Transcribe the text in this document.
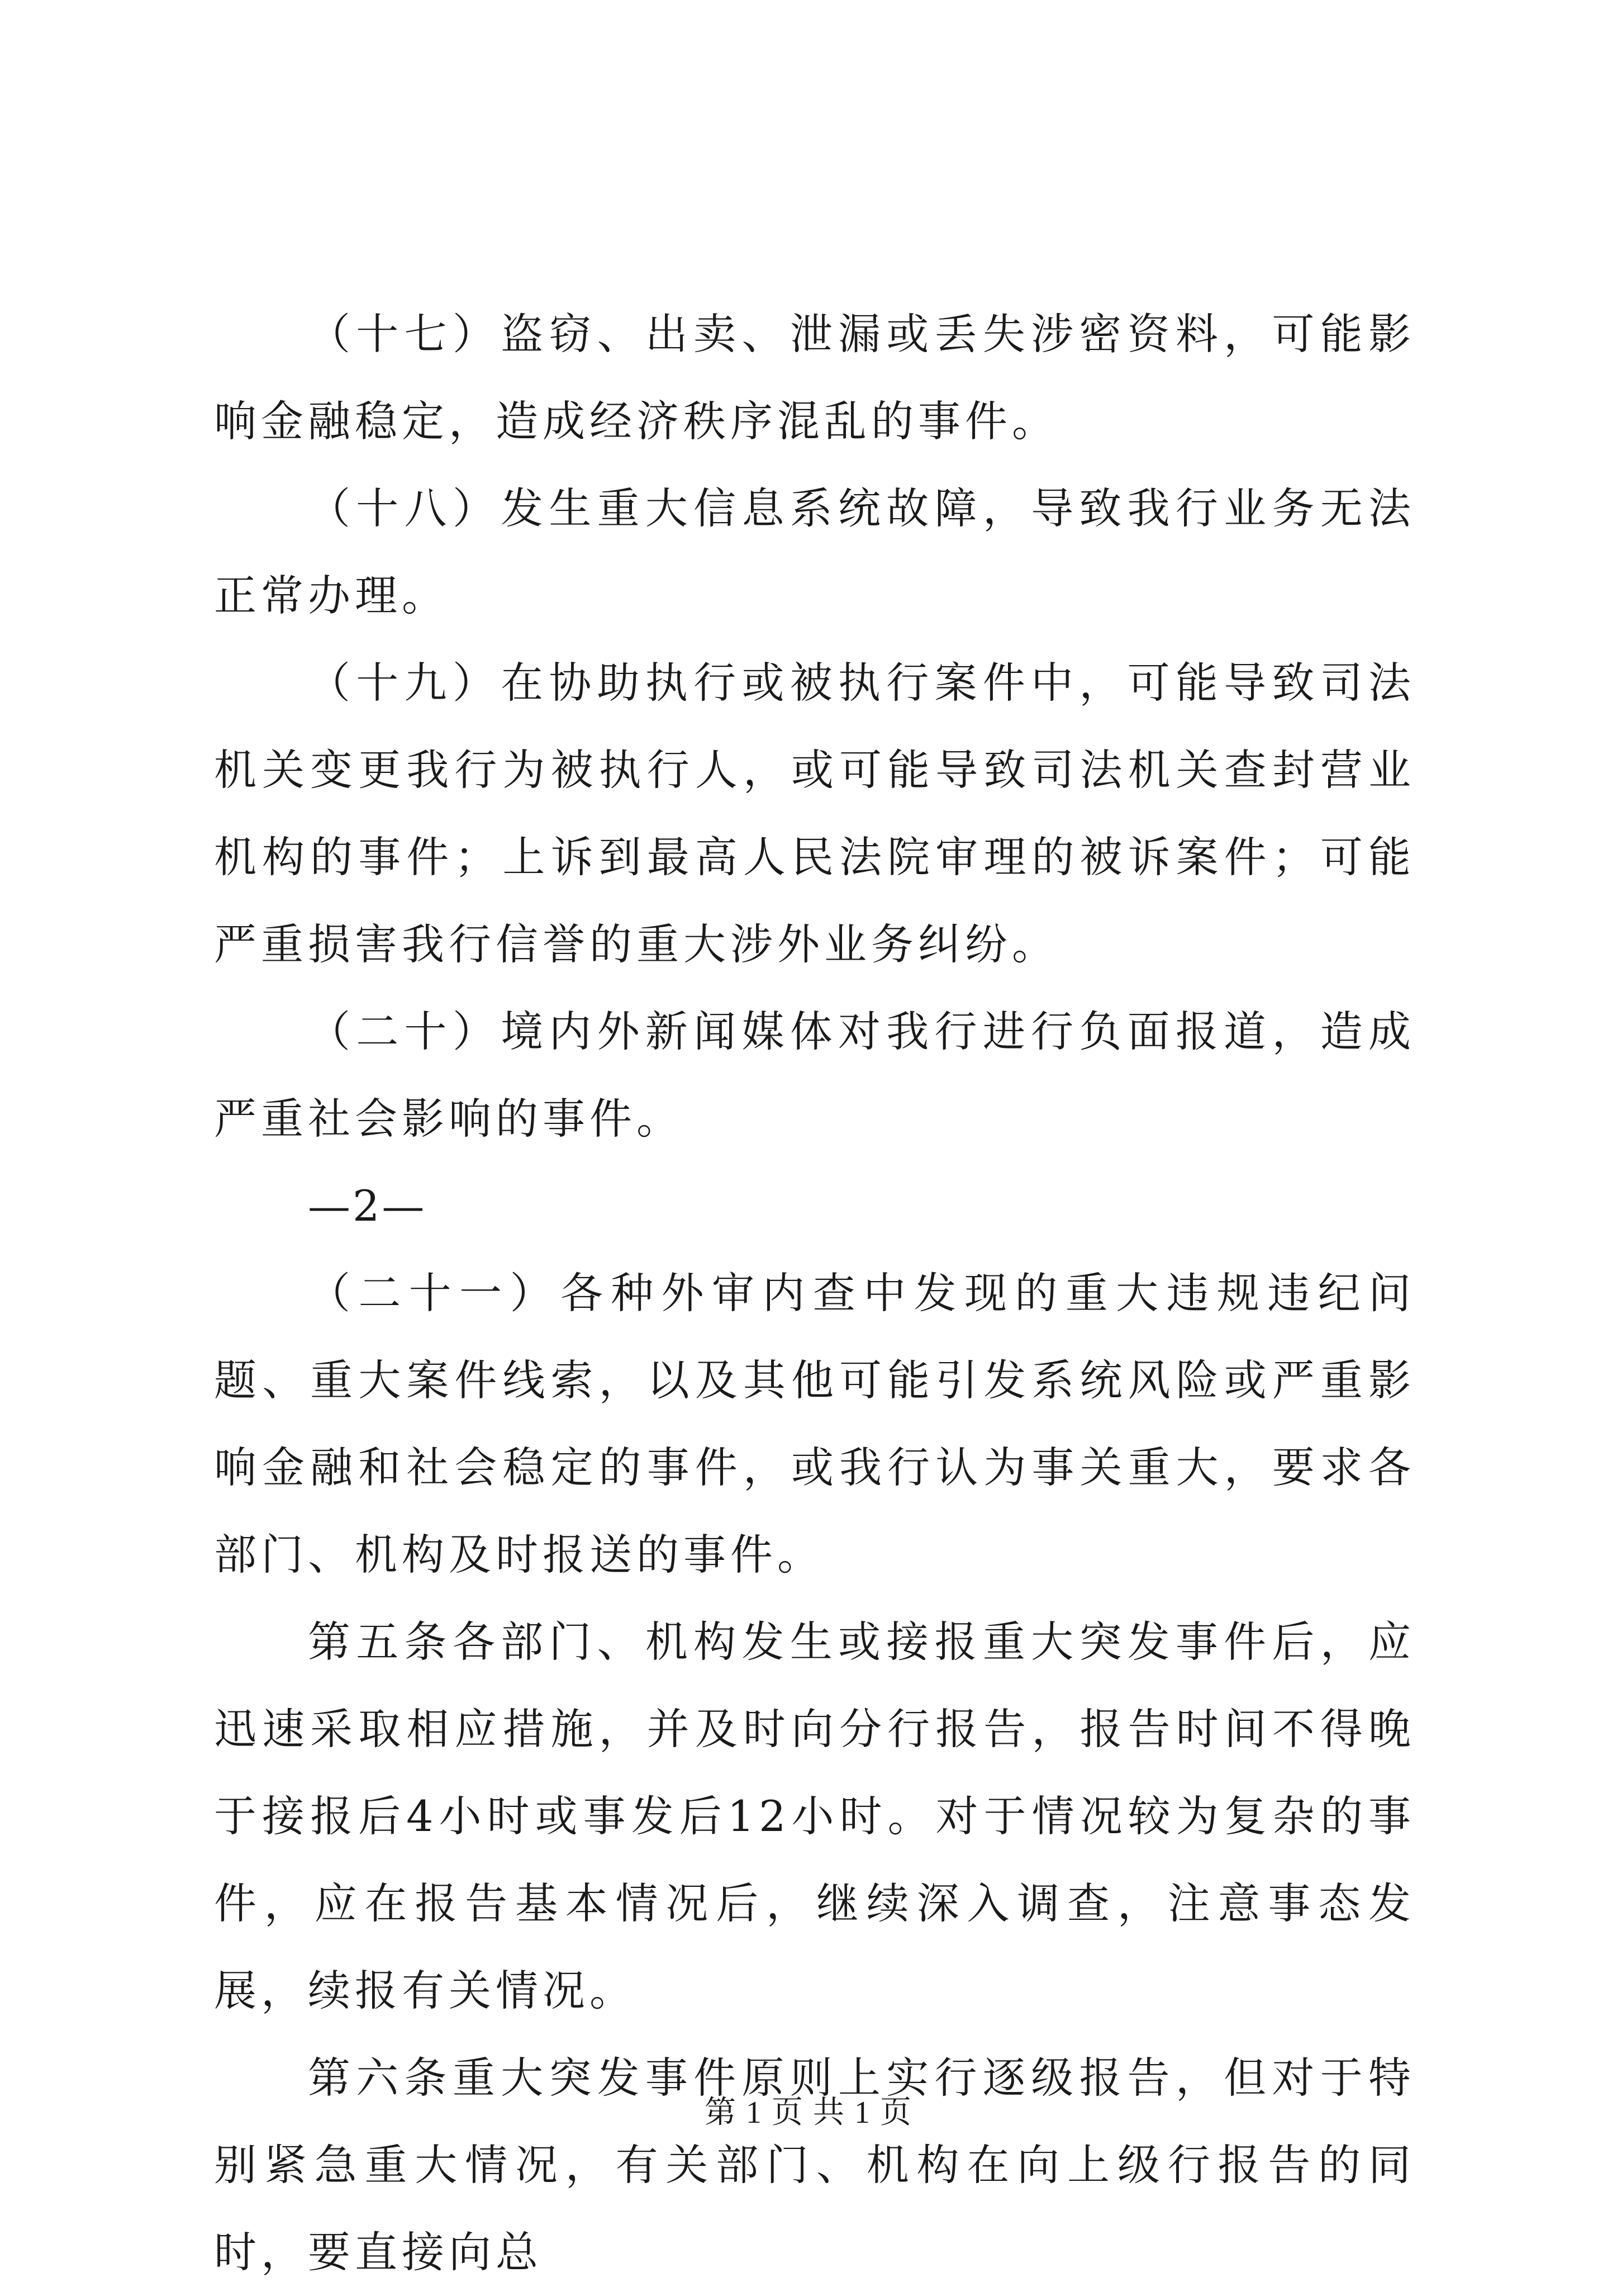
（十七）盗窃、出卖、泄漏或丢失涉密资料，可能影响金融稳定，造成经济秩序混乱的事件。

（十八）发生重大信息系统故障，导致我行业务无法正常办理。

（十九）在协助执行或被执行案件中，可能导致司法机关变更我行为被执行人，或可能导致司法机关查封营业机构的事件；上诉到最高人民法院审理的被诉案件；可能严重损害我行信誉的重大涉外业务纠纷。

（二十）境内外新闻媒体对我行进行负面报道，造成严重社会影响的事件。

—2—

（二十一）各种外审内查中发现的重大违规违纪问题、重大案件线索，以及其他可能引发系统风险或严重影响金融和社会稳定的事件，或我行认为事关重大，要求各部门、机构及时报送的事件。

第五条各部门、机构发生或接报重大突发事件后，应迅速采取相应措施，并及时向分行报告，报告时间不得晚于接报后4小时或事发后12小时。对于情况较为复杂的事件，应在报告基本情况后，继续深入调查，注意事态发展，续报有关情况。

第六条重大突发事件原则上实行逐级报告，但对于特别紧急重大情况，有关部门、机构在向上级行报告的同时，要直接向总

第 1 页 共 1 页
